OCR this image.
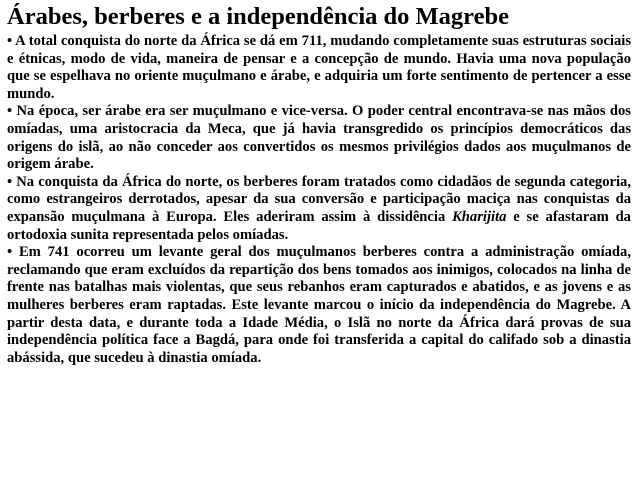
Árabes, berberes e a independência do Magrebe

• A total conquista do norte da África se dá em 711, mudando completamente suas estruturas sociais e étnicas, modo de vida, maneira de pensar e a concepção de mundo. Havia uma nova população que se espelhava no oriente muçulmano e árabe, e adquiria um forte sentimento de pertencer a esse mundo.

• Na época, ser árabe era ser muçulmano e vice-versa. O poder central encontrava-se nas mãos dos omíadas, uma aristocracia da Meca, que já havia transgredido os princípios democráticos das origens do islã, ao não conceder aos convertidos os mesmos privilégios dados aos muçulmanos de origem árabe.

• Na conquista da África do norte, os berberes foram tratados como cidadãos de segunda categoria, como estrangeiros derrotados, apesar da sua conversão e participação maciça nas conquistas da expansão muçulmana à Europa. Eles aderiram assim à dissidência Kharijita e se afastaram da ortodoxia sunita representada pelos omíadas.

• Em 741 ocorreu um levante geral dos muçulmanos berberes contra a administração omíada, reclamando que eram excluídos da repartição dos bens tomados aos inimigos, colocados na linha de frente nas batalhas mais violentas, que seus rebanhos eram capturados e abatidos, e as jovens e as mulheres berberes eram raptadas. Este levante marcou o início da independência do Magrebe. A partir desta data, e durante toda a Idade Média, o Islã no norte da África dará provas de sua independência política face a Bagdá, para onde foi transferida a capital do califado sob a dinastia abássida, que sucedeu à dinastia omíada.
